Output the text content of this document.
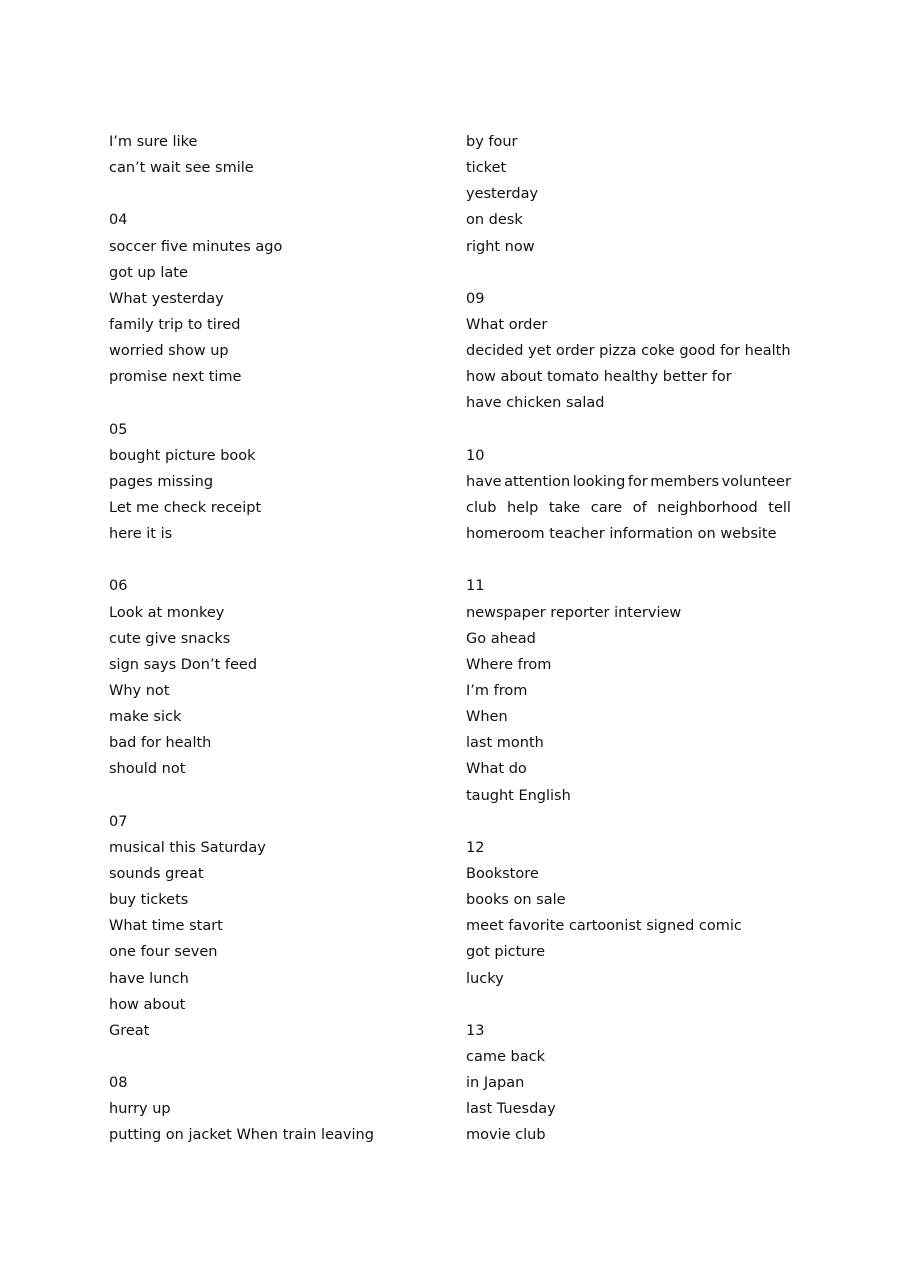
I’m sure like
can’t wait see smile
04
soccer five minutes ago
got up late
What yesterday
family trip to tired
worried show up
promise next time
05
bought picture book
pages missing
Let me check receipt
here it is
06
Look at monkey
cute give snacks
sign says Don’t feed
Why not
make sick
bad for health
should not
07
musical this Saturday
sounds great
buy tickets
What time start
one four seven
have lunch
how about
Great
08
hurry up
putting on jacket When train leaving
by four
ticket
yesterday
on desk
right now
09
What order
decided yet order pizza coke good for health
how about tomato healthy better for
have chicken salad
10
have attention looking for members volunteer
club help take care of neighborhood tell
homeroom teacher information on website
11
newspaper reporter interview
Go ahead
Where from
I’m from
When
last month
What do
taught English
12
Bookstore
books on sale
meet favorite cartoonist signed comic
got picture
lucky
13
came back
in Japan
last Tuesday
movie club
